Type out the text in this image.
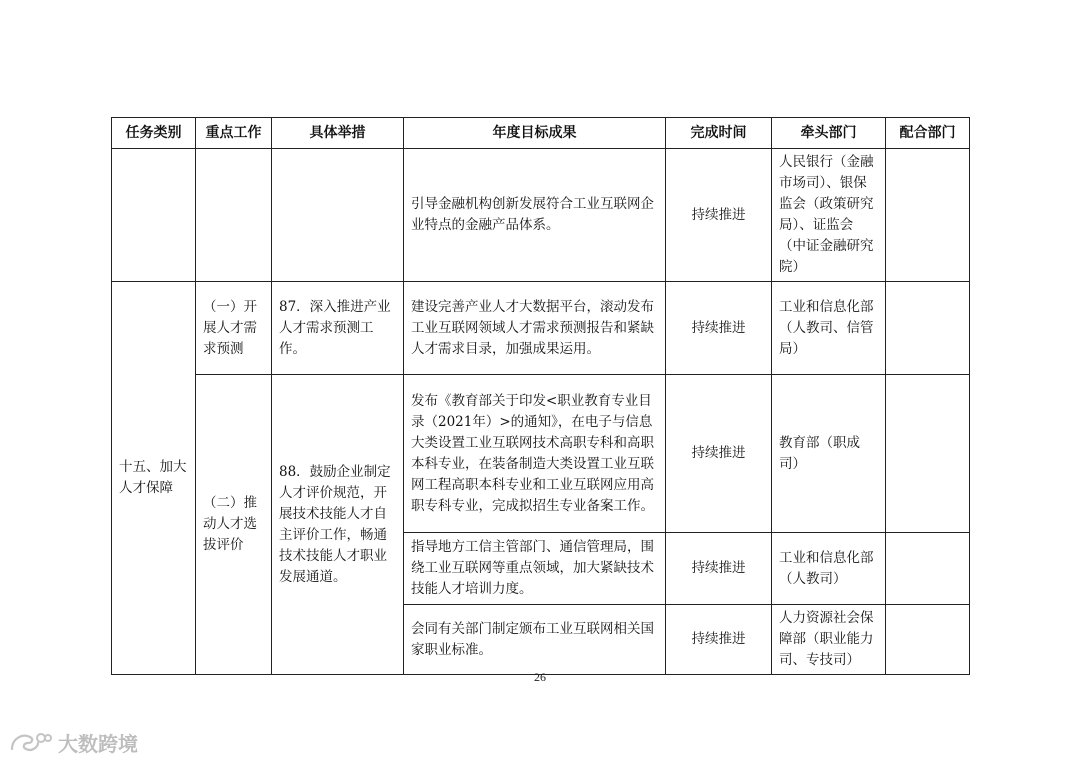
任务类别	重点工作	具体举措	年度目标成果	完成时间	牵头部门	配合部门
			引导金融机构创新发展符合工业互联网企业特点的金融产品体系。	持续推进	人民银行（金融市场司）、银保监会（政策研究局）、证监会（中证金融研究院）	
十五、加大人才保障	（一）开展人才需求预测	87．深入推进产业人才需求预测工作。	建设完善产业人才大数据平台，滚动发布工业互联网领域人才需求预测报告和紧缺人才需求目录，加强成果运用。	持续推进	工业和信息化部（人教司、信管局）	
	（二）推动人才选拔评价	88．鼓励企业制定人才评价规范，开展技术技能人才自主评价工作，畅通技术技能人才职业发展通道。	发布《教育部关于印发<职业教育专业目录（2021年）>的通知》，在电子与信息大类设置工业互联网技术高职专科和高职本科专业，在装备制造大类设置工业互联网工程高职本科专业和工业互联网应用高职专科专业，完成拟招生专业备案工作。	持续推进	教育部（职成司）	
			指导地方工信主管部门、通信管理局，围绕工业互联网等重点领域，加大紧缺技术技能人才培训力度。	持续推进	工业和信息化部（人教司）	
			会同有关部门制定颁布工业互联网相关国家职业标准。	持续推进	人力资源社会保障部（职业能力司、专技司）	
26
大数跨境
